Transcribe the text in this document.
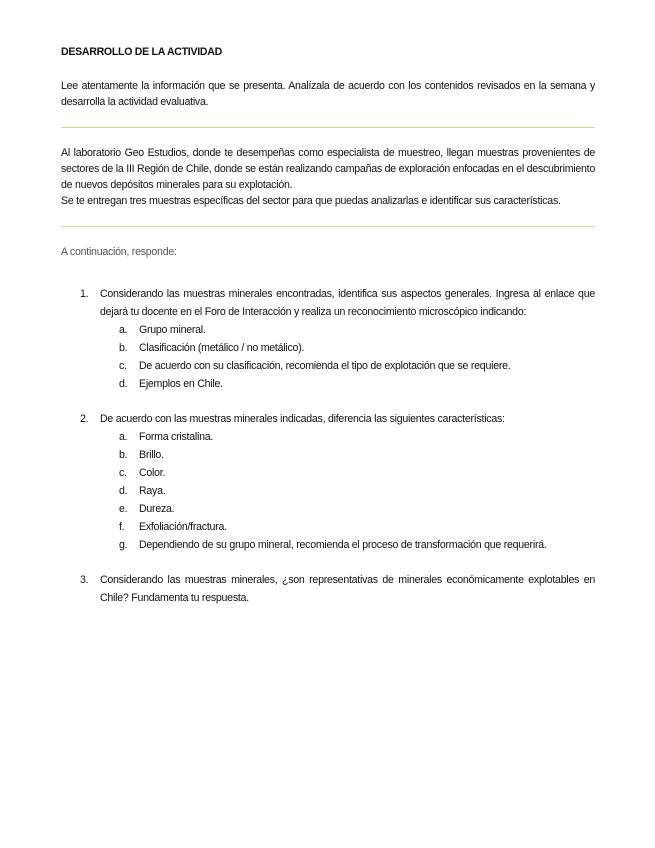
DESARROLLO DE LA ACTIVIDAD

Lee atentamente la información que se presenta. Analízala de acuerdo con los contenidos revisados en la semana y desarrolla la actividad evaluativa.

Al laboratorio Geo Estudios, donde te desempeñas como especialista de muestreo, llegan muestras provenientes de sectores de la III Región de Chile, donde se están realizando campañas de exploración enfocadas en el descubrimiento de nuevos depósitos minerales para su explotación.

Se te entregan tres muestras específicas del sector para que puedas analizarlas e identificar sus características.

A continuación, responde:

1. Considerando las muestras minerales encontradas, identifica sus aspectos generales. Ingresa al enlace que dejará tu docente en el Foro de Interacción y realiza un reconocimiento microscópico indicando:
a. Grupo mineral.
b. Clasificación (metálico / no metálico).
c. De acuerdo con su clasificación, recomienda el tipo de explotación que se requiere.
d. Ejemplos en Chile.
2. De acuerdo con las muestras minerales indicadas, diferencia las siguientes características:
a. Forma cristalina.
b. Brillo.
c. Color.
d. Raya.
e. Dureza.
f. Exfoliación/fractura.
g. Dependiendo de su grupo mineral, recomienda el proceso de transformación que requerirá.
3. Considerando las muestras minerales, ¿son representativas de minerales económicamente explotables en Chile? Fundamenta tu respuesta.
